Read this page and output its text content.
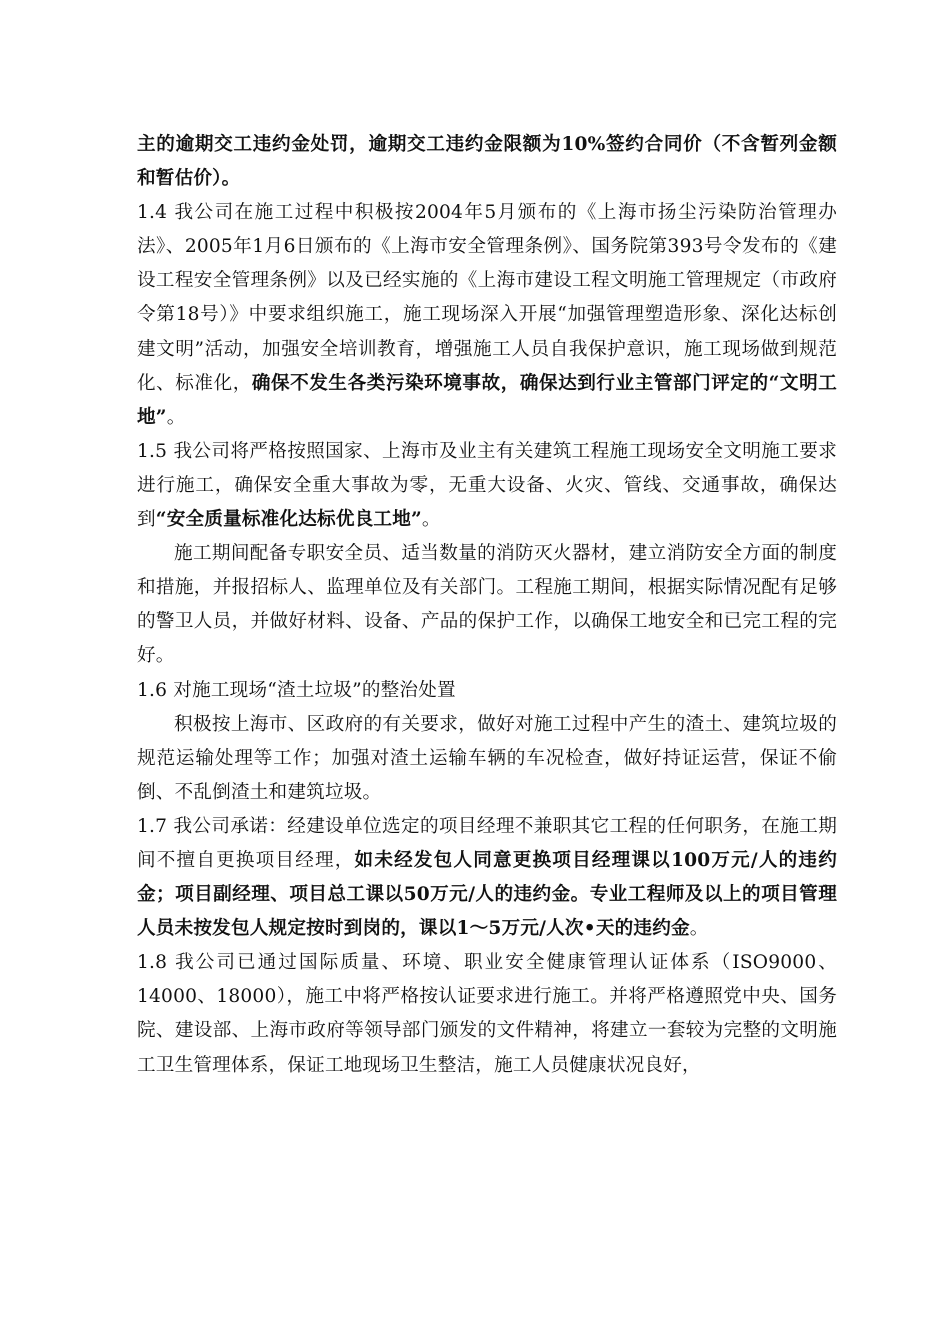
主的逾期交工违约金处罚，逾期交工违约金限额为10%签约合同价（不含暂列金额和暂估价）。

1.4 我公司在施工过程中积极按2004年5月颁布的《上海市扬尘污染防治管理办法》、2005年1月6日颁布的《上海市安全管理条例》、国务院第393号令发布的《建设工程安全管理条例》以及已经实施的《上海市建设工程文明施工管理规定（市政府令第18号）》中要求组织施工，施工现场深入开展“加强管理塑造形象、深化达标创建文明”活动，加强安全培训教育，增强施工人员自我保护意识，施工现场做到规范化、标准化，确保不发生各类污染环境事故，确保达到行业主管部门评定的“文明工地”。

1.5 我公司将严格按照国家、上海市及业主有关建筑工程施工现场安全文明施工要求进行施工，确保安全重大事故为零，无重大设备、火灾、管线、交通事故，确保达到“安全质量标准化达标优良工地”。

施工期间配备专职安全员、适当数量的消防灭火器材，建立消防安全方面的制度和措施，并报招标人、监理单位及有关部门。工程施工期间，根据实际情况配有足够的警卫人员，并做好材料、设备、产品的保护工作，以确保工地安全和已完工程的完好。

1.6 对施工现场“渣土垃圾”的整治处置

积极按上海市、区政府的有关要求，做好对施工过程中产生的渣土、建筑垃圾的规范运输处理等工作；加强对渣土运输车辆的车况检查，做好持证运营，保证不偷倒、不乱倒渣土和建筑垃圾。

1.7 我公司承诺：经建设单位选定的项目经理不兼职其它工程的任何职务，在施工期间不擅自更换项目经理，如未经发包人同意更换项目经理课以100万元/人的违约金；项目副经理、项目总工课以50万元/人的违约金。专业工程师及以上的项目管理人员未按发包人规定按时到岗的，课以1～5万元/人次•天的违约金。

1.8 我公司已通过国际质量、环境、职业安全健康管理认证体系（ISO9000、14000、18000），施工中将严格按认证要求进行施工。并将严格遵照党中央、国务院、建设部、上海市政府等领导部门颁发的文件精神，将建立一套较为完整的文明施工卫生管理体系，保证工地现场卫生整洁，施工人员健康状况良好，
